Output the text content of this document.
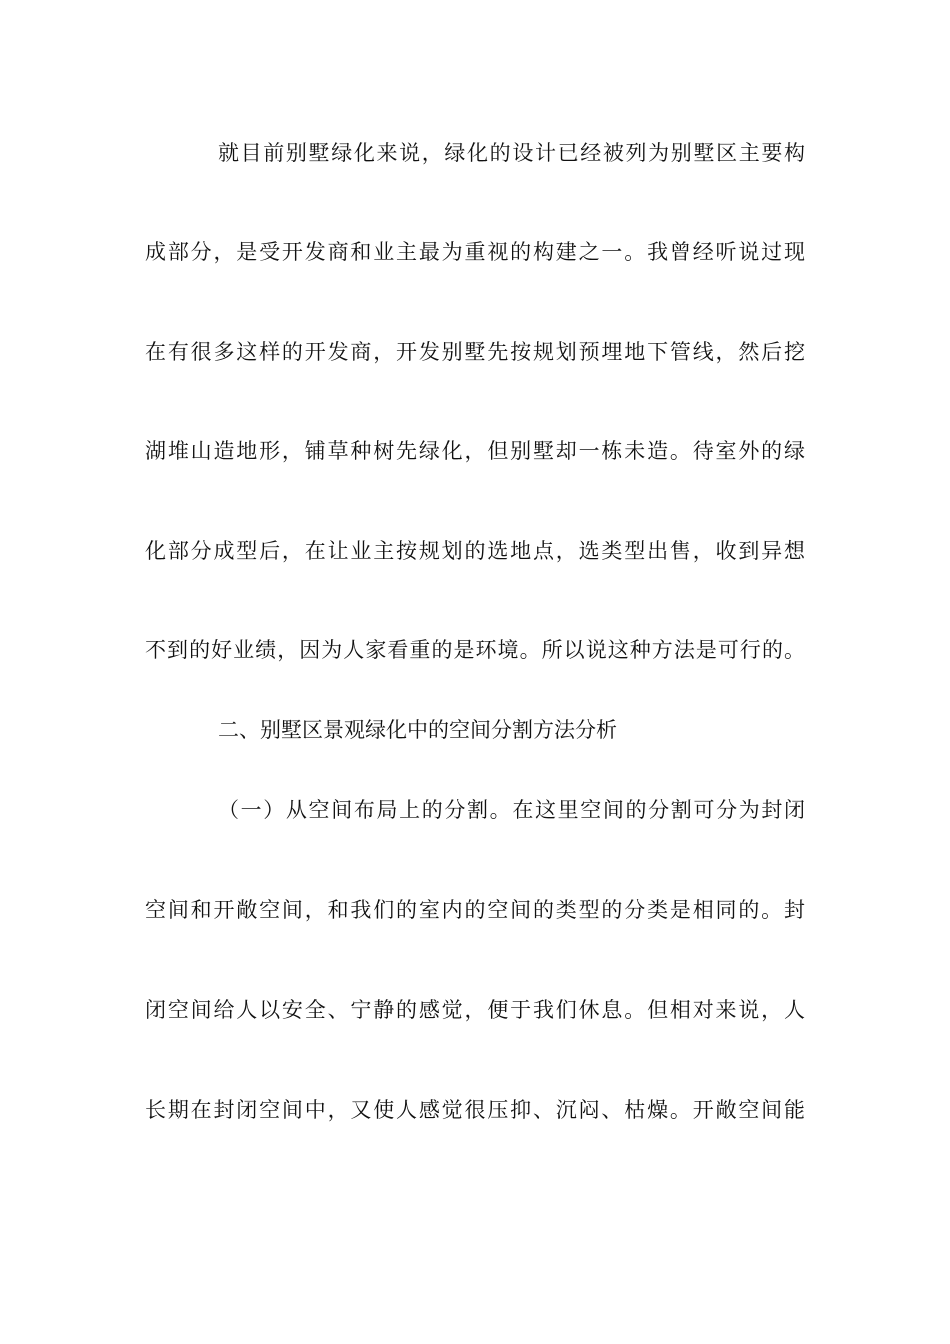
就目前别墅绿化来说，绿化的设计已经被列为别墅区主要构
成部分，是受开发商和业主最为重视的构建之一。我曾经听说过现
在有很多这样的开发商，开发别墅先按规划预埋地下管线，然后挖
湖堆山造地形，铺草种树先绿化，但别墅却一栋未造。待室外的绿
化部分成型后，在让业主按规划的选地点，选类型出售，收到异想
不到的好业绩，因为人家看重的是环境。所以说这种方法是可行的。
二、别墅区景观绿化中的空间分割方法分析
（一）从空间布局上的分割。在这里空间的分割可分为封闭
空间和开敞空间，和我们的室内的空间的类型的分类是相同的。封
闭空间给人以安全、宁静的感觉，便于我们休息。但相对来说，人
长期在封闭空间中，又使人感觉很压抑、沉闷、枯燥。开敞空间能
